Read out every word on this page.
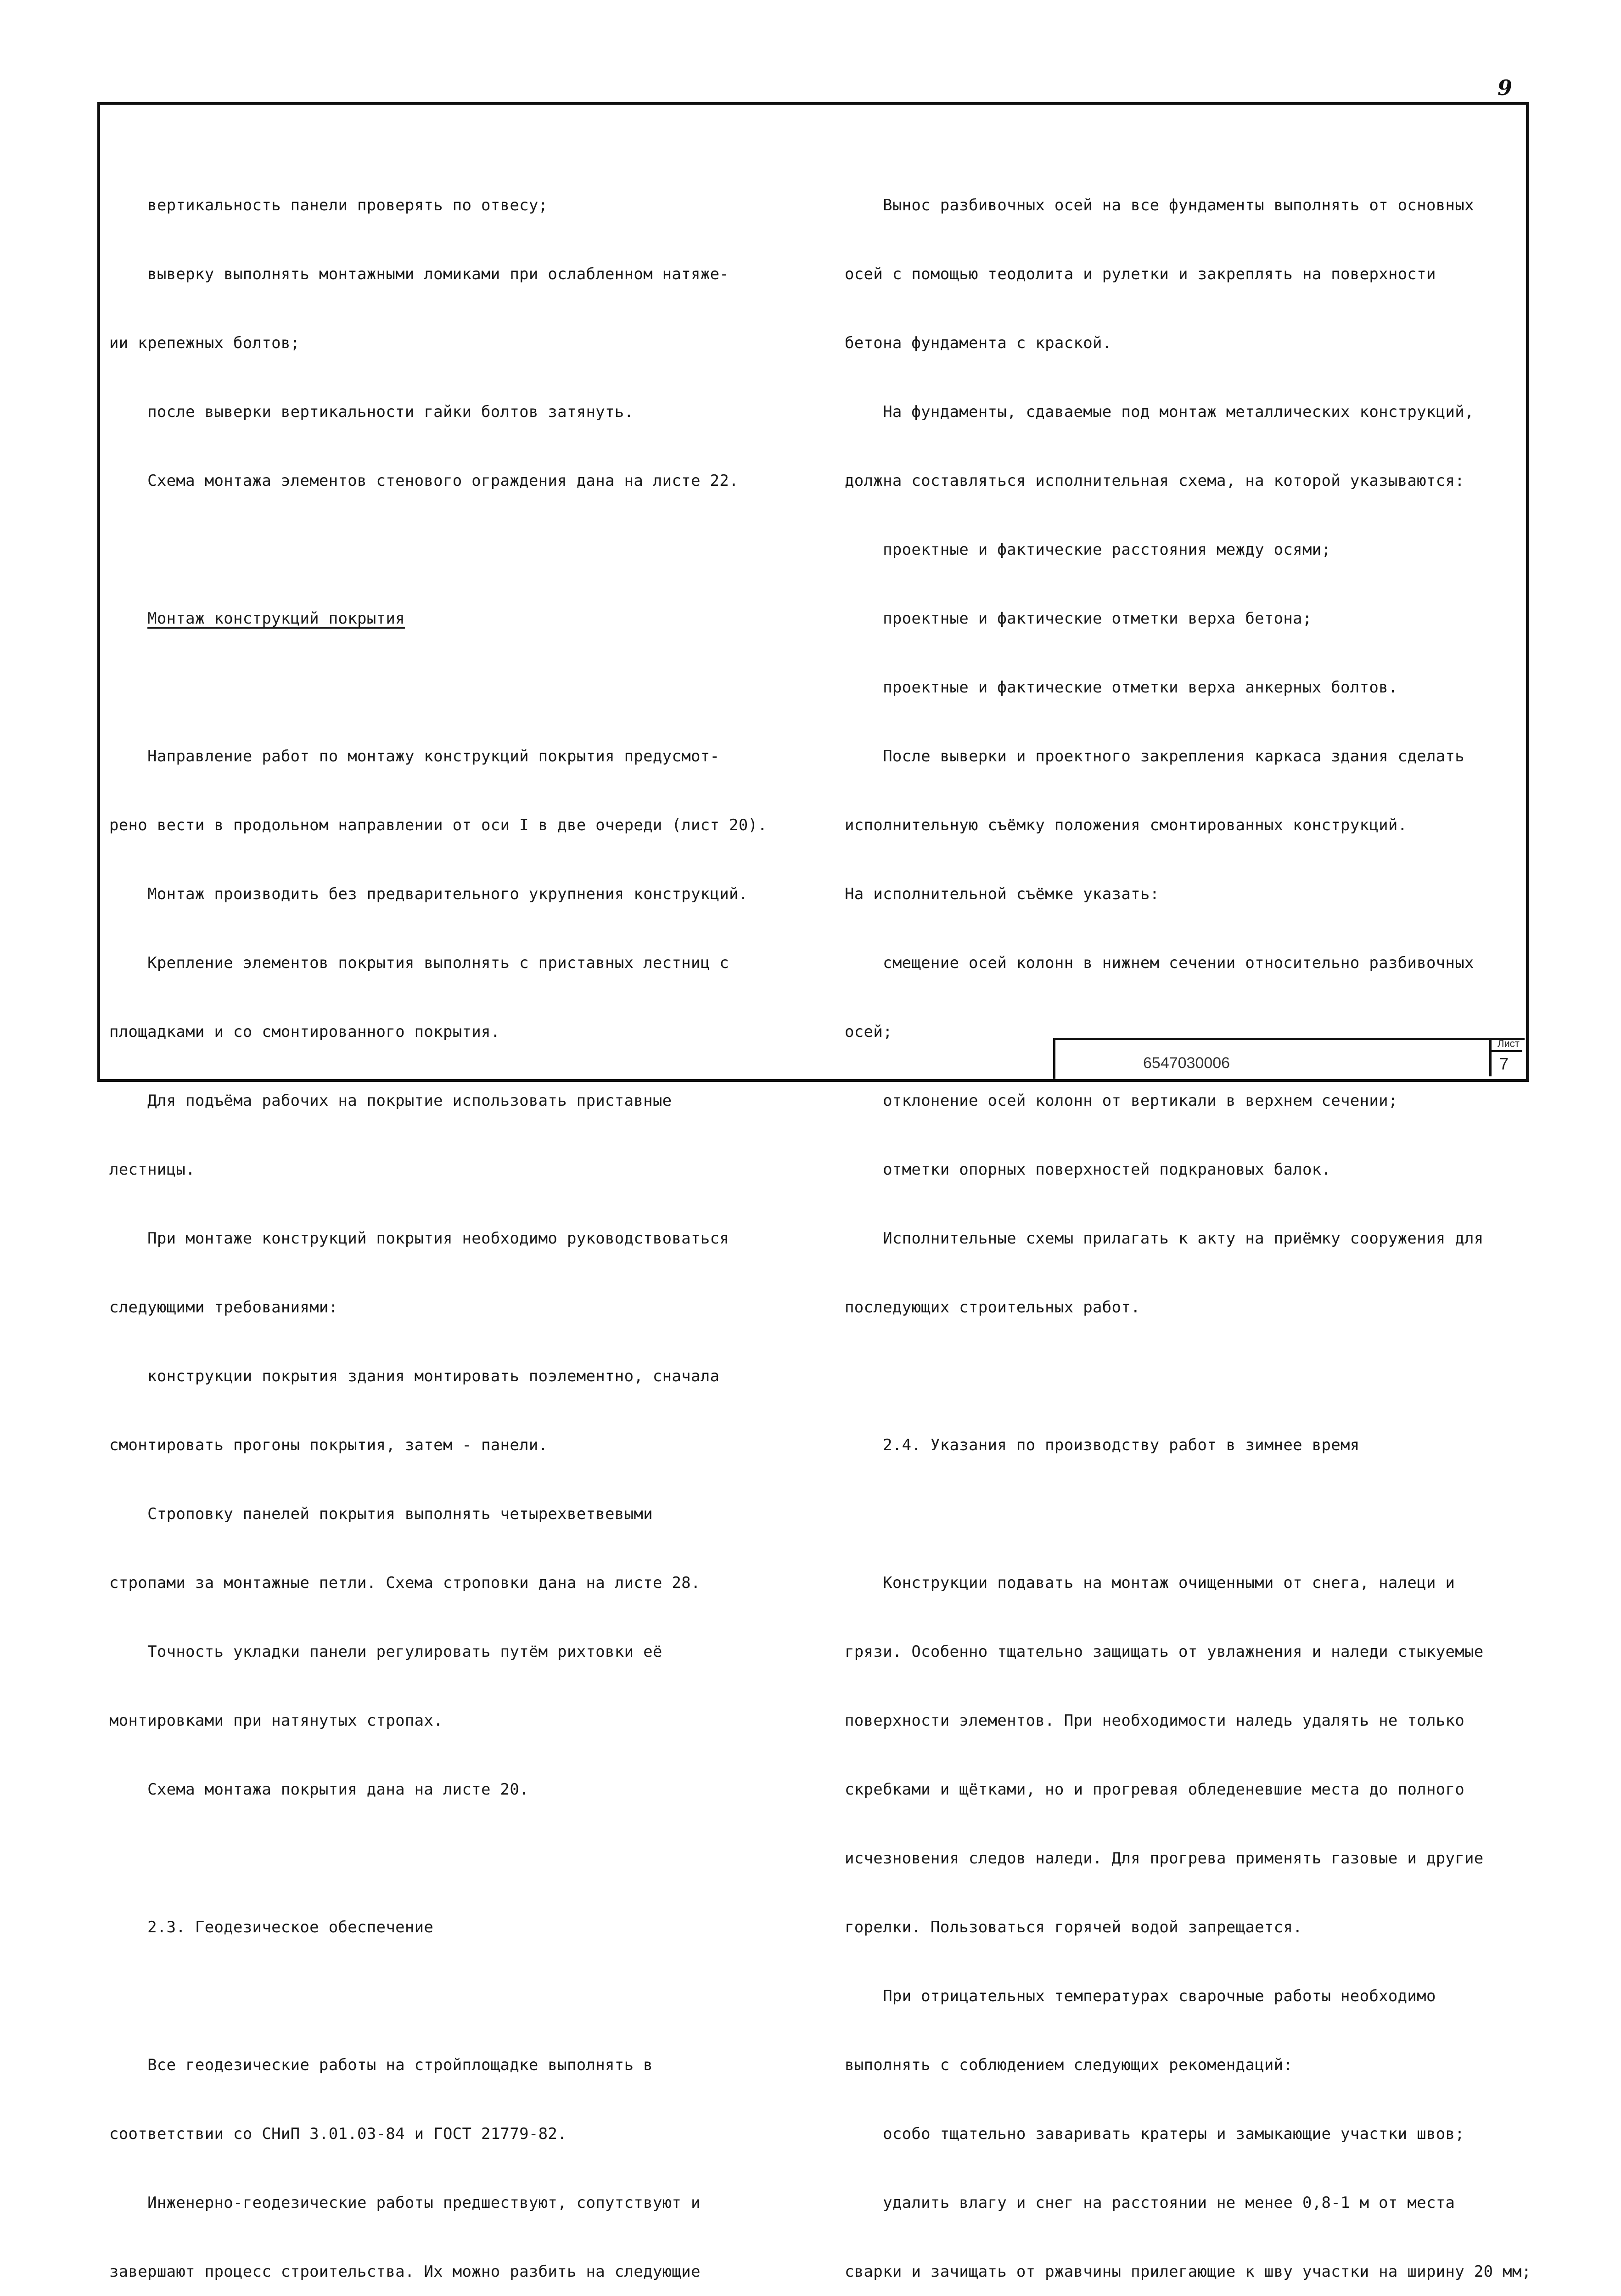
9

вертикальность панели проверять по отвесу;

выверку выполнять монтажными ломиками при ослабленном натяже-

ии крепежных болтов;

после выверки вертикальности гайки болтов затянуть.

Схема монтажа элементов стенового ограждения дана на листе 22.

Монтаж конструкций покрытия

Направление работ по монтажу конструкций покрытия предусмот-

рено вести в продольном направлении от оси I в две очереди (лист 20).

Монтаж производить без предварительного укрупнения конструкций.

Крепление элементов покрытия выполнять с приставных лестниц с

площадками и со смонтированного покрытия.

Для подъёма рабочих на покрытие использовать приставные

лестницы.

При монтаже конструкций покрытия необходимо руководствоваться

следующими требованиями:

конструкции покрытия здания монтировать поэлементно, сначала

смонтировать прогоны покрытия, затем - панели.

Строповку панелей покрытия выполнять четырехветвевыми

стропами за монтажные петли. Схема строповки дана на листе 28.

Точность укладки панели регулировать путём рихтовки её

монтировками при натянутых стропах.

Схема монтажа покрытия дана на листе 20.

2.3. Геодезическое обеспечение

Все геодезические работы на стройплощадке выполнять в

соответствии со СНиП 3.01.03-84 и ГОСТ 21779-82.

Инженерно-геодезические работы предшествуют, сопутствуют и

завершают процесс строительства. Их можно разбить на следующие

Вынос разбивочных осей на все фундаменты выполнять от основных

осей с помощью теодолита и рулетки и закреплять на поверхности

бетона фундамента с краской.

На фундаменты, сдаваемые под монтаж металлических конструкций,

должна составляться исполнительная схема, на которой указываются:

проектные и фактические расстояния между осями;

проектные и фактические отметки верха бетона;

проектные и фактические отметки верха анкерных болтов.

После выверки и проектного закрепления каркаса здания сделать

исполнительную съёмку положения смонтированных конструкций.

На исполнительной съёмке указать:

смещение осей колонн в нижнем сечении относительно разбивочных

осей;

отклонение осей колонн от вертикали в верхнем сечении;

отметки опорных поверхностей подкрановых балок.

Исполнительные схемы прилагать к акту на приёмку сооружения для

последующих строительных работ.

2.4. Указания по производству работ в зимнее время

Конструкции подавать на монтаж очищенными от снега, налеци и

грязи. Особенно тщательно защищать от увлажнения и наледи стыкуемые

поверхности элементов. При необходимости наледь удалять не только

скребками и щётками, но и прогревая обледеневшие места до полного

исчезновения следов наледи. Для прогрева применять газовые и другие

горелки. Пользоваться горячей водой запрещается.

При отрицательных температурах сварочные работы необходимо

выполнять с соблюдением следующих рекомендаций:

особо тщательно заваривать кратеры и замыкающие участки швов;

удалить влагу и снег на расстоянии не менее 0,8-1 м от места

сварки и зачищать от ржавчины прилегающие к шву участки на ширину 20 мм;

6547030006
Лист
7
